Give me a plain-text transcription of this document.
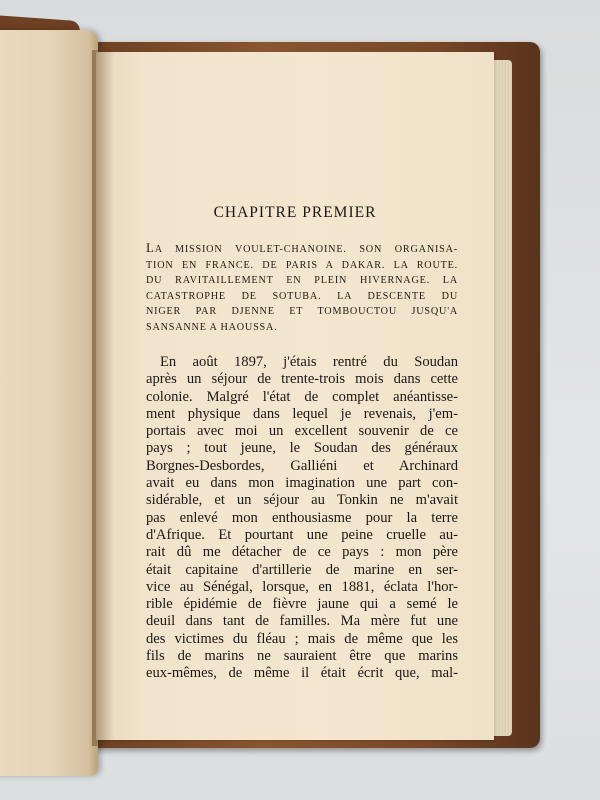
CHAPITRE PREMIER
LA MISSION VOULET-CHANOINE. SON ORGANISA-
TION EN FRANCE. DE PARIS A DAKAR. LA ROUTE.
DU RAVITAILLEMENT EN PLEIN HIVERNAGE. LA
CATASTROPHE DE SOTUBA. LA DESCENTE DU
NIGER PAR DJENNE ET TOMBOUCTOU JUSQU'A
SANSANNE A HAOUSSA.
En août 1897, j'étais rentré du Soudan
après un séjour de trente-trois mois dans cette
colonie. Malgré l'état de complet anéantisse-
ment physique dans lequel je revenais, j'em-
portais avec moi un excellent souvenir de ce
pays ; tout jeune, le Soudan des généraux
Borgnes-Desbordes, Galliéni et Archinard
avait eu dans mon imagination une part con-
sidérable, et un séjour au Tonkin ne m'avait
pas enlevé mon enthousiasme pour la terre
d'Afrique. Et pourtant une peine cruelle au-
rait dû me détacher de ce pays : mon père
était capitaine d'artillerie de marine en ser-
vice au Sénégal, lorsque, en 1881, éclata l'hor-
rible épidémie de fièvre jaune qui a semé le
deuil dans tant de familles. Ma mère fut une
des victimes du fléau ; mais de même que les
fils de marins ne sauraient être que marins
eux-mêmes, de même il était écrit que, mal-
